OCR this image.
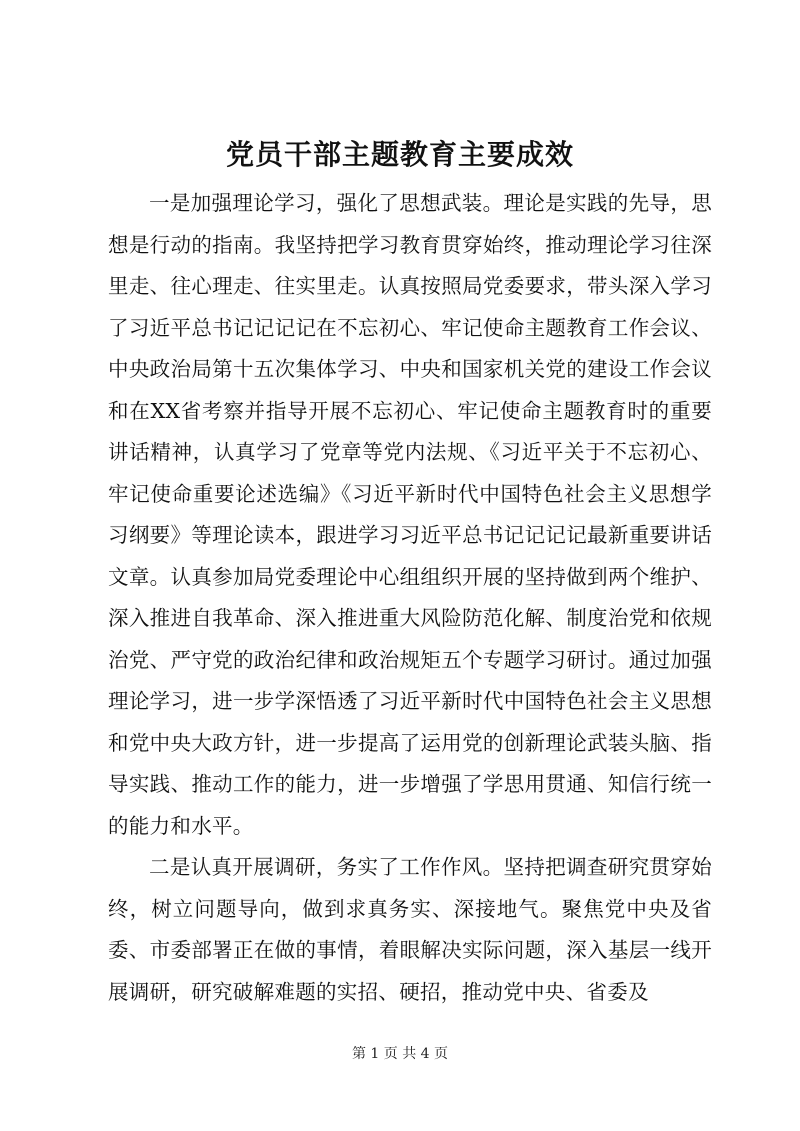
党员干部主题教育主要成效

一是加强理论学习，强化了思想武装。理论是实践的先导，思想是行动的指南。我坚持把学习教育贯穿始终，推动理论学习往深里走、往心理走、往实里走。认真按照局党委要求，带头深入学习了习近平总书记记记记在不忘初心、牢记使命主题教育工作会议、中央政治局第十五次集体学习、中央和国家机关党的建设工作会议和在XX省考察并指导开展不忘初心、牢记使命主题教育时的重要讲话精神，认真学习了党章等党内法规、《习近平关于不忘初心、牢记使命重要论述选编》《习近平新时代中国特色社会主义思想学习纲要》等理论读本，跟进学习习近平总书记记记记最新重要讲话文章。认真参加局党委理论中心组组织开展的坚持做到两个维护、深入推进自我革命、深入推进重大风险防范化解、制度治党和依规治党、严守党的政治纪律和政治规矩五个专题学习研讨。通过加强理论学习，进一步学深悟透了习近平新时代中国特色社会主义思想和党中央大政方针，进一步提高了运用党的创新理论武装头脑、指导实践、推动工作的能力，进一步增强了学思用贯通、知信行统一的能力和水平。

二是认真开展调研，务实了工作作风。坚持把调查研究贯穿始终，树立问题导向，做到求真务实、深接地气。聚焦党中央及省委、市委部署正在做的事情，着眼解决实际问题，深入基层一线开展调研，研究破解难题的实招、硬招，推动党中央、省委及

第 1 页 共 4 页
